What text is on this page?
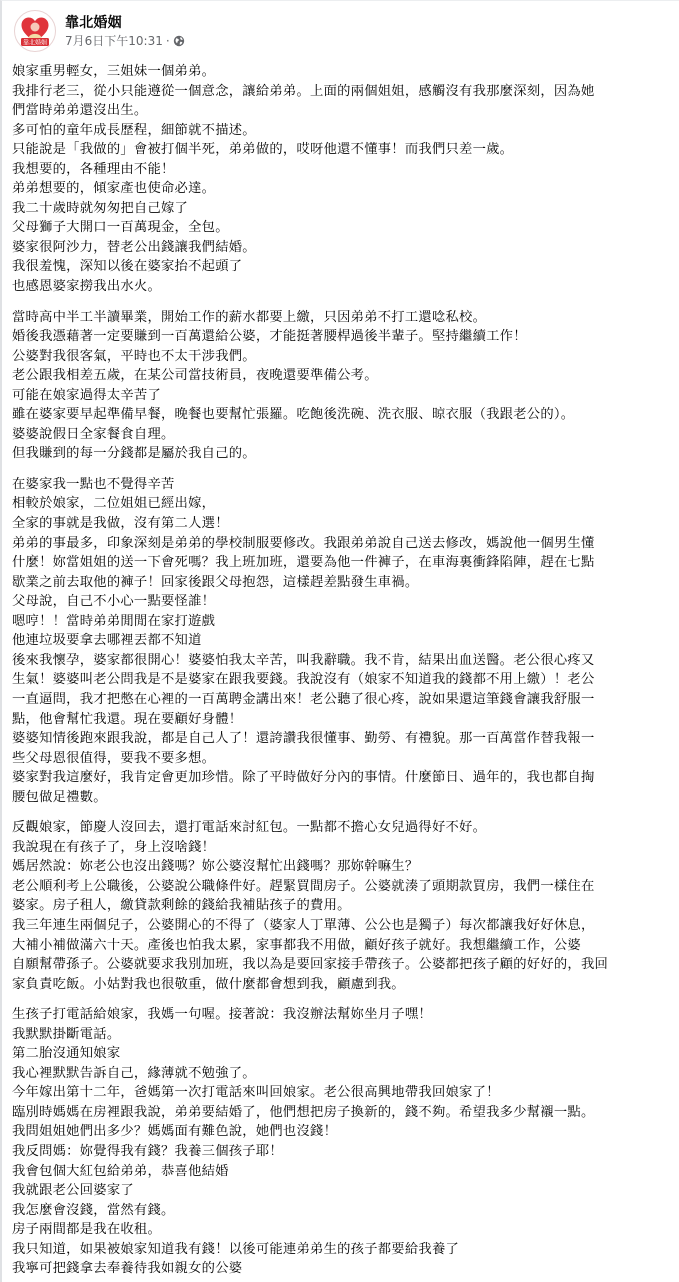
靠北婚姻
靠北婚姻
7月6日下午10:31 ·
娘家重男輕女，三姐妹一個弟弟。
我排行老三，從小只能遵從一個意念，讓給弟弟。上面的兩個姐姐，感觸沒有我那麼深刻，因為她
們當時弟弟還沒出生。
多可怕的童年成長歷程，細節就不描述。
只能說是「我做的」會被打個半死，弟弟做的，哎呀他還不懂事！而我們只差一歲。
我想要的，各種理由不能！
弟弟想要的，傾家產也使命必達。
我二十歲時就匆匆把自己嫁了
父母獅子大開口一百萬現金，全包。
婆家很阿沙力，替老公出錢讓我們結婚。
我很羞愧，深知以後在婆家抬不起頭了
也感恩婆家撈我出水火。
當時高中半工半讀畢業，開始工作的薪水都要上繳，只因弟弟不打工還唸私校。
婚後我憑藉著一定要賺到一百萬還給公婆，才能挺著腰桿過後半輩子。堅持繼續工作！
公婆對我很客氣，平時也不太干涉我們。
老公跟我相差五歲，在某公司當技術員，夜晚還要準備公考。
可能在娘家過得太辛苦了
雖在婆家要早起準備早餐，晚餐也要幫忙張羅。吃飽後洗碗、洗衣服、晾衣服（我跟老公的）。
婆婆說假日全家餐食自理。
但我賺到的每一分錢都是屬於我自己的。
在婆家我一點也不覺得辛苦
相較於娘家，二位姐姐已經出嫁，
全家的事就是我做，沒有第二人選！
弟弟的事最多，印象深刻是弟弟的學校制服要修改。我跟弟弟說自己送去修改，媽說他一個男生懂
什麼！妳當姐姐的送一下會死嗎？我上班加班，還要為他一件褲子，在車海裏衝鋒陷陣，趕在七點
歇業之前去取他的褲子！回家後跟父母抱怨，這樣趕差點發生車禍。
父母說，自己不小心一點要怪誰！
嗯哼！！當時弟弟閒閒在家打遊戲
他連垃圾要拿去哪裡丟都不知道
後來我懷孕，婆家都很開心！婆婆怕我太辛苦，叫我辭職。我不肯，結果出血送醫。老公很心疼又
生氣！婆婆叫老公問我是不是婆家在跟我要錢。我說沒有（娘家不知道我的錢都不用上繳）！老公
一直逼問，我才把憋在心裡的一百萬聘金講出來！老公聽了很心疼，說如果還這筆錢會讓我舒服一
點，他會幫忙我還。現在要顧好身體！
婆婆知情後跑來跟我說，都是自己人了！還誇讚我很懂事、勤勞、有禮貌。那一百萬當作替我報一
些父母恩很值得，要我不要多想。
婆家對我這麼好，我肯定會更加珍惜。除了平時做好分內的事情。什麼節日、過年的，我也都自掏
腰包做足禮數。
反觀娘家，節慶人沒回去，還打電話來討紅包。一點都不擔心女兒過得好不好。
我說現在有孩子了，身上沒啥錢！
媽居然說：妳老公也沒出錢嗎？妳公婆沒幫忙出錢嗎？那妳幹嘛生？
老公順利考上公職後，公婆說公職條件好。趕緊買間房子。公婆就湊了頭期款買房，我們一樣住在
婆家。房子租人，繳貸款剩餘的錢給我補貼孩子的費用。
我三年連生兩個兒子，公婆開心的不得了（婆家人丁單薄、公公也是獨子）每次都讓我好好休息，
大補小補做滿六十天。產後也怕我太累，家事都我不用做，顧好孩子就好。我想繼續工作，公婆
自願幫帶孫子。公婆就要求我別加班，我以為是要回家接手帶孩子。公婆都把孩子顧的好好的，我回
家負責吃飯。小姑對我也很敬重，做什麼都會想到我，顧慮到我。
生孩子打電話給娘家，我媽一句喔。接著說：我沒辦法幫妳坐月子嘿！
我默默掛斷電話。
第二胎沒通知娘家
我心裡默默告訴自己，緣薄就不勉強了。
今年嫁出第十二年，爸媽第一次打電話來叫回娘家。老公很高興地帶我回娘家了！
臨別時媽媽在房裡跟我說，弟弟要結婚了，他們想把房子換新的，錢不夠。希望我多少幫襯一點。
我問姐姐她們出多少？媽媽面有難色說，她們也沒錢！
我反問媽：妳覺得我有錢？我養三個孩子耶！
我會包個大紅包給弟弟，恭喜他結婚
我就跟老公回婆家了
我怎麼會沒錢，當然有錢。
房子兩間都是我在收租。
我只知道，如果被娘家知道我有錢！以後可能連弟弟生的孩子都要給我養了
我寧可把錢拿去奉養待我如親女的公婆
